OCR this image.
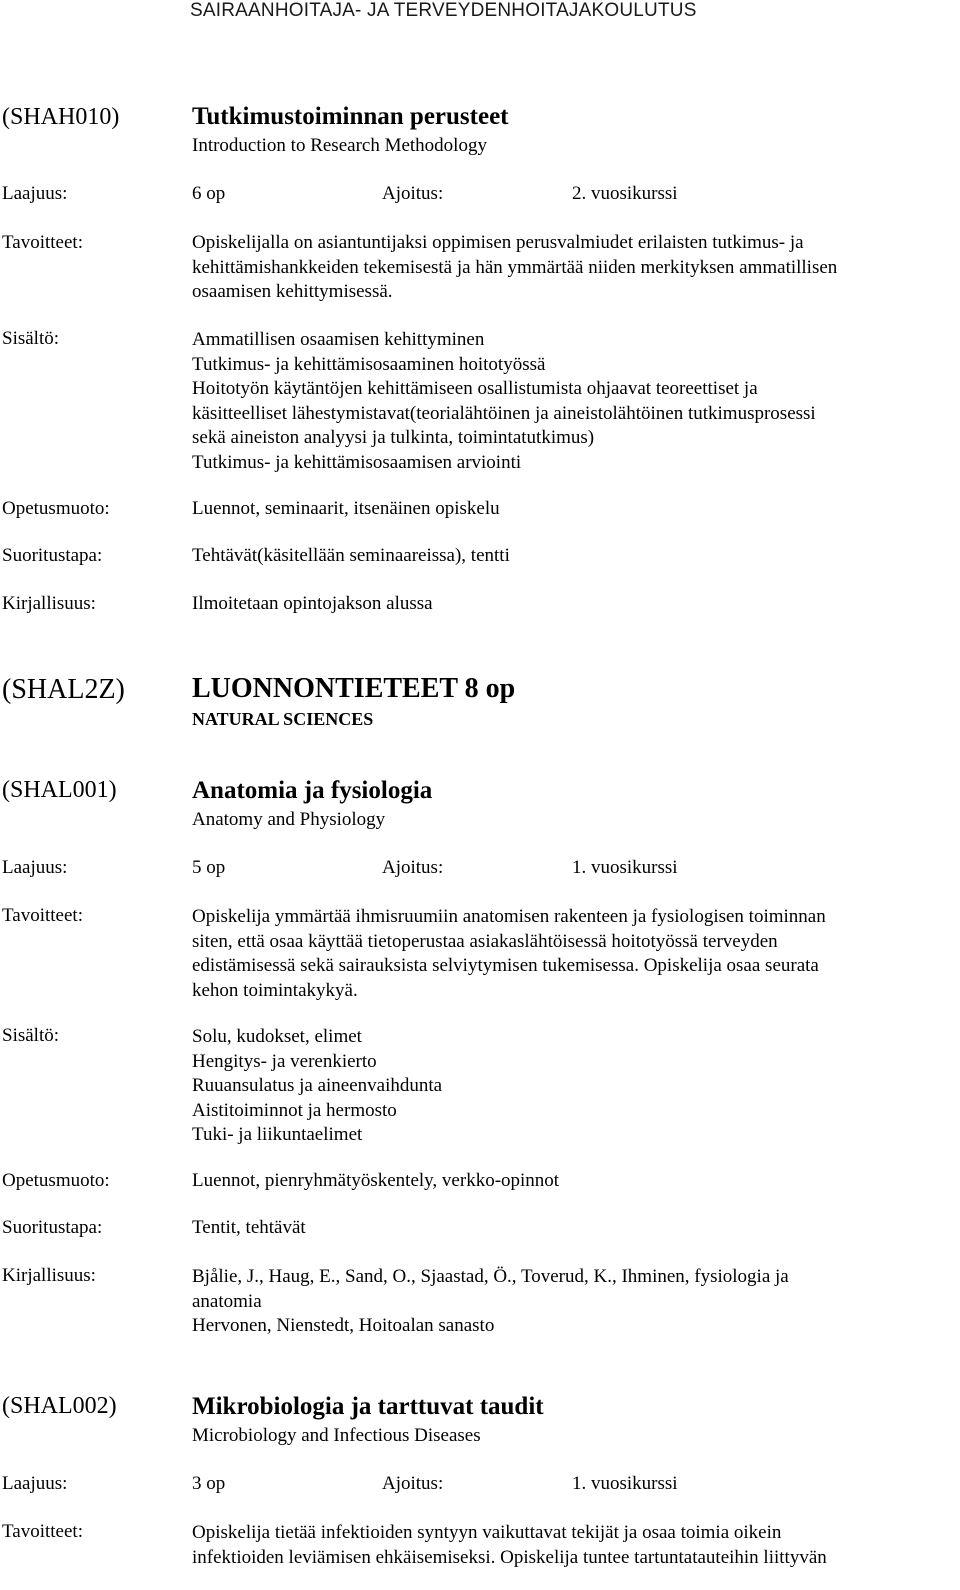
SAIRAANHOITAJA- JA TERVEYDENHOITAJAKOULUTUS
(SHAH010)	Tutkimustoiminnan perusteet
Introduction to Research Methodology
Laajuus:	6 op	Ajoitus:	2. vuosikurssi
Tavoitteet:	Opiskelijalla on asiantuntijaksi oppimisen perusvalmiudet erilaisten tutkimus- ja
kehittämishankkeiden tekemisestä ja hän ymmärtää niiden merkityksen ammatillisen
osaamisen kehittymisessä.
Sisältö:	Ammatillisen osaamisen kehittyminen
Tutkimus- ja kehittämisosaaminen hoitotyössä
Hoitotyön käytäntöjen kehittämiseen osallistumista ohjaavat teoreettiset ja
käsitteelliset lähestymistavat(teorialähtöinen ja aineistolähtöinen tutkimusprosessi
sekä aineiston analyysi ja tulkinta, toimintatutkimus)
Tutkimus- ja kehittämisosaamisen arviointi
Opetusmuoto:	Luennot, seminaarit, itsenäinen opiskelu
Suoritustapa:	Tehtävät(käsitellään seminaareissa), tentti
Kirjallisuus:	Ilmoitetaan opintojakson alussa
(SHAL2Z) LUONNONTIETEET 8 op
NATURAL SCIENCES
(SHAL001)	Anatomia ja fysiologia
Anatomy and Physiology
Laajuus:	5 op	Ajoitus:	1. vuosikurssi
Tavoitteet:	Opiskelija ymmärtää ihmisruumiin anatomisen rakenteen ja fysiologisen toiminnan
siten, että osaa käyttää tietoperustaa asiakaslähtöisessä hoitotyössä terveyden
edistämisessä sekä sairauksista selviytymisen tukemisessa. Opiskelija osaa seurata
kehon toimintakykyä.
Sisältö:	Solu, kudokset, elimet
Hengitys- ja verenkierto
Ruuansulatus ja aineenvaihdunta
Aistitoiminnot ja hermosto
Tuki- ja liikuntaelimet
Opetusmuoto:	Luennot, pienryhmätyöskentely, verkko-opinnot
Suoritustapa:	Tentit, tehtävät
Kirjallisuus:	Bjålie, J., Haug, E., Sand, O., Sjaastad, Ö., Toverud, K., Ihminen, fysiologia ja
anatomia
Hervonen, Nienstedt, Hoitoalan sanasto
(SHAL002)	Mikrobiologia ja tarttuvat taudit
Microbiology and Infectious Diseases
Laajuus:	3 op	Ajoitus:	1. vuosikurssi
Tavoitteet:	Opiskelija tietää infektioiden syntyyn vaikuttavat tekijät ja osaa toimia oikein
infektioiden leviämisen ehkäisemiseksi. Opiskelija tuntee tartuntatauteihin liittyvän
